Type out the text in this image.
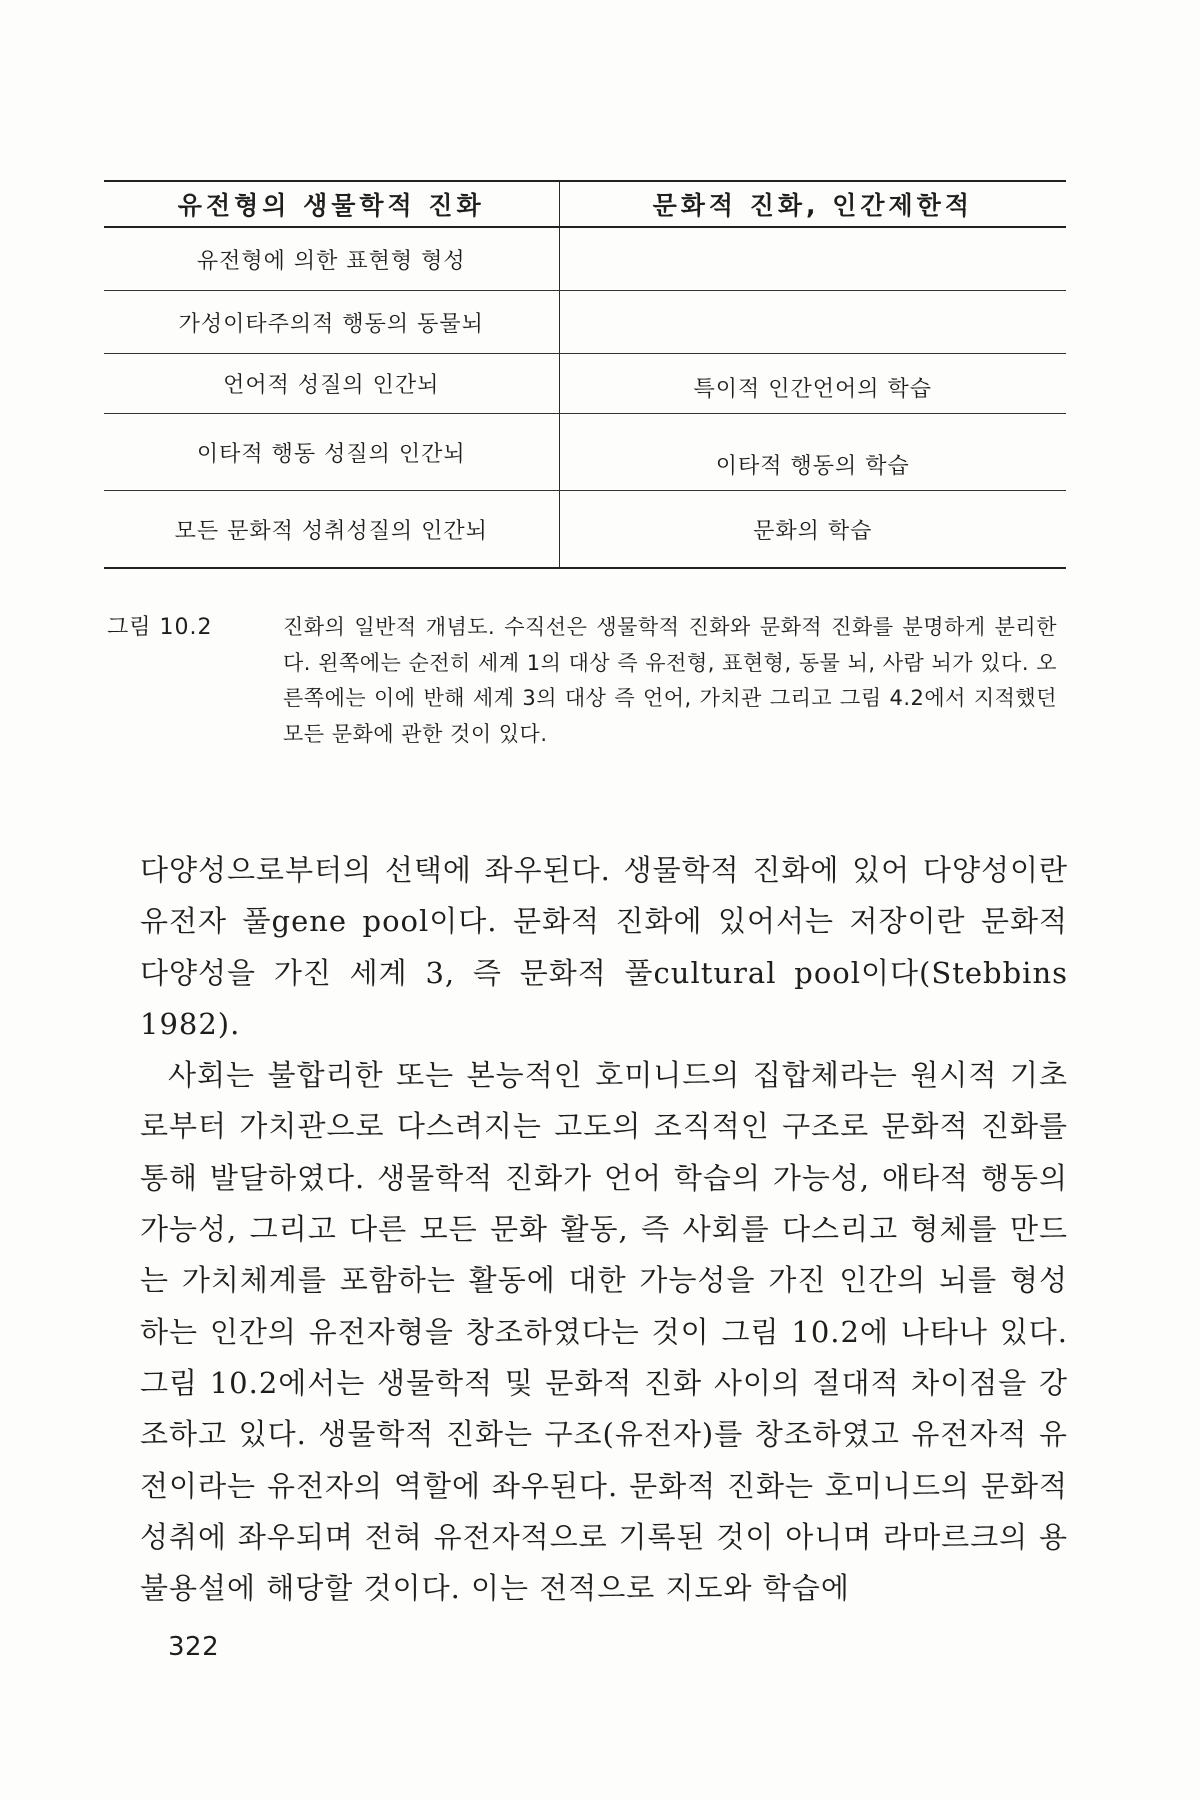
유전형의 생물학적 진화	문화적 진화, 인간제한적
유전형에 의한 표현형 형성
가성이타주의적 행동의 동물뇌
언어적 성질의 인간뇌	특이적 인간언어의 학습
이타적 행동 성질의 인간뇌	이타적 행동의 학습
모든 문화적 성취성질의 인간뇌	문화의 학습
그림 10.2	진화의 일반적 개념도. 수직선은 생물학적 진화와 문화적 진화를 분명하게 분리한다. 왼쪽에는 순전히 세계 1의 대상 즉 유전형, 표현형, 동물 뇌, 사람 뇌가 있다. 오른쪽에는 이에 반해 세계 3의 대상 즉 언어, 가치관 그리고 그림 4.2에서 지적했던 모든 문화에 관한 것이 있다.

다양성으로부터의 선택에 좌우된다. 생물학적 진화에 있어 다양성이란 유전자 풀gene pool이다. 문화적 진화에 있어서는 저장이란 문화적 다양성을 가진 세계 3, 즉 문화적 풀cultural pool이다(Stebbins 1982).

사회는 불합리한 또는 본능적인 호미니드의 집합체라는 원시적 기초로부터 가치관으로 다스려지는 고도의 조직적인 구조로 문화적 진화를 통해 발달하였다. 생물학적 진화가 언어 학습의 가능성, 애타적 행동의 가능성, 그리고 다른 모든 문화 활동, 즉 사회를 다스리고 형체를 만드는 가치체계를 포함하는 활동에 대한 가능성을 가진 인간의 뇌를 형성하는 인간의 유전자형을 창조하였다는 것이 그림 10.2에 나타나 있다. 그림 10.2에서는 생물학적 및 문화적 진화 사이의 절대적 차이점을 강조하고 있다. 생물학적 진화는 구조(유전자)를 창조하였고 유전자적 유전이라는 유전자의 역할에 좌우된다. 문화적 진화는 호미니드의 문화적 성취에 좌우되며 전혀 유전자적으로 기록된 것이 아니며 라마르크의 용불용설에 해당할 것이다. 이는 전적으로 지도와 학습에

322
